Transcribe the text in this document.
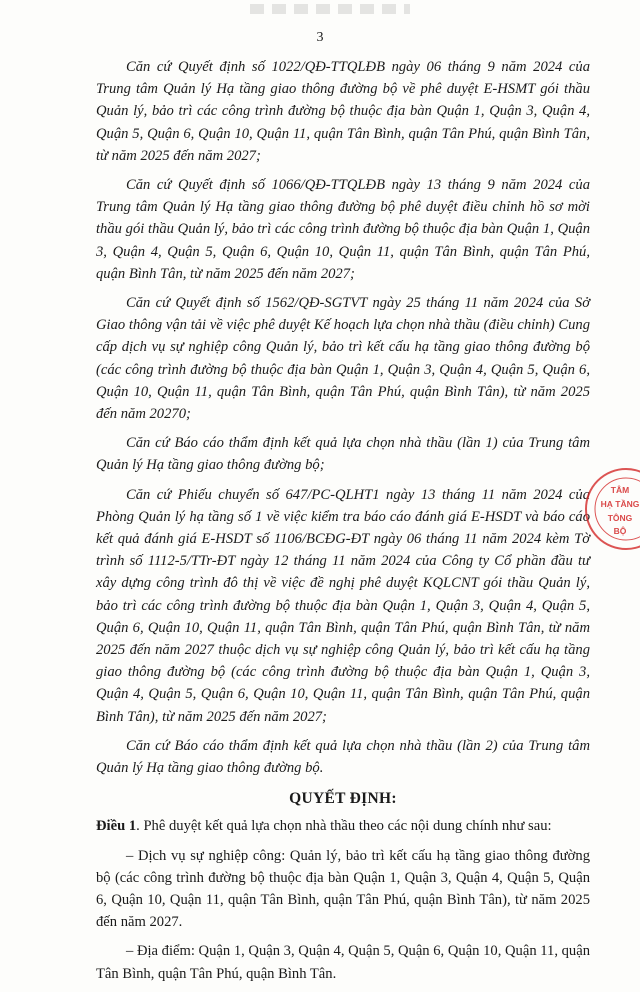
3

Căn cứ Quyết định số 1022/QĐ-TTQLĐB ngày 06 tháng 9 năm 2024 của Trung tâm Quản lý Hạ tầng giao thông đường bộ về phê duyệt E-HSMT gói thầu Quản lý, bảo trì các công trình đường bộ thuộc địa bàn Quận 1, Quận 3, Quận 4, Quận 5, Quận 6, Quận 10, Quận 11, quận Tân Bình, quận Tân Phú, quận Bình Tân, từ năm 2025 đến năm 2027;

Căn cứ Quyết định số 1066/QĐ-TTQLĐB ngày 13 tháng 9 năm 2024 của Trung tâm Quản lý Hạ tầng giao thông đường bộ phê duyệt điều chỉnh hồ sơ mời thầu gói thầu Quản lý, bảo trì các công trình đường bộ thuộc địa bàn Quận 1, Quận 3, Quận 4, Quận 5, Quận 6, Quận 10, Quận 11, quận Tân Bình, quận Tân Phú, quận Bình Tân, từ năm 2025 đến năm 2027;

Căn cứ Quyết định số 1562/QĐ-SGTVT ngày 25 tháng 11 năm 2024 của Sở Giao thông vận tải về việc phê duyệt Kế hoạch lựa chọn nhà thầu (điều chỉnh) Cung cấp dịch vụ sự nghiệp công Quản lý, bảo trì kết cấu hạ tầng giao thông đường bộ (các công trình đường bộ thuộc địa bàn Quận 1, Quận 3, Quận 4, Quận 5, Quận 6, Quận 10, Quận 11, quận Tân Bình, quận Tân Phú, quận Bình Tân), từ năm 2025 đến năm 20270;

Căn cứ Báo cáo thẩm định kết quả lựa chọn nhà thầu (lần 1) của Trung tâm Quản lý Hạ tầng giao thông đường bộ;

Căn cứ Phiếu chuyển số 647/PC-QLHT1 ngày 13 tháng 11 năm 2024 của Phòng Quản lý hạ tầng số 1 về việc kiểm tra báo cáo đánh giá E-HSDT và báo cáo kết quả đánh giá E-HSDT số 1106/BCĐG-ĐT ngày 06 tháng 11 năm 2024 kèm Tờ trình số 1112-5/TTr-ĐT ngày 12 tháng 11 năm 2024 của Công ty Cổ phần đầu tư xây dựng công trình đô thị về việc đề nghị phê duyệt KQLCNT gói thầu Quản lý, bảo trì các công trình đường bộ thuộc địa bàn Quận 1, Quận 3, Quận 4, Quận 5, Quận 6, Quận 10, Quận 11, quận Tân Bình, quận Tân Phú, quận Bình Tân, từ năm 2025 đến năm 2027 thuộc dịch vụ sự nghiệp công Quản lý, bảo trì kết cấu hạ tầng giao thông đường bộ (các công trình đường bộ thuộc địa bàn Quận 1, Quận 3, Quận 4, Quận 5, Quận 6, Quận 10, Quận 11, quận Tân Bình, quận Tân Phú, quận Bình Tân), từ năm 2025 đến năm 2027;

Căn cứ Báo cáo thẩm định kết quả lựa chọn nhà thầu (lần 2) của Trung tâm Quản lý Hạ tầng giao thông đường bộ.

QUYẾT ĐỊNH:

Điều 1. Phê duyệt kết quả lựa chọn nhà thầu theo các nội dung chính như sau:

– Dịch vụ sự nghiệp công: Quản lý, bảo trì kết cấu hạ tầng giao thông đường bộ (các công trình đường bộ thuộc địa bàn Quận 1, Quận 3, Quận 4, Quận 5, Quận 6, Quận 10, Quận 11, quận Tân Bình, quận Tân Phú, quận Bình Tân), từ năm 2025 đến năm 2027.

– Địa điểm: Quận 1, Quận 3, Quận 4, Quận 5, Quận 6, Quận 10, Quận 11, quận Tân Bình, quận Tân Phú, quận Bình Tân.

TÂM
HẠ TẦNG
TÔNG
BỘ
